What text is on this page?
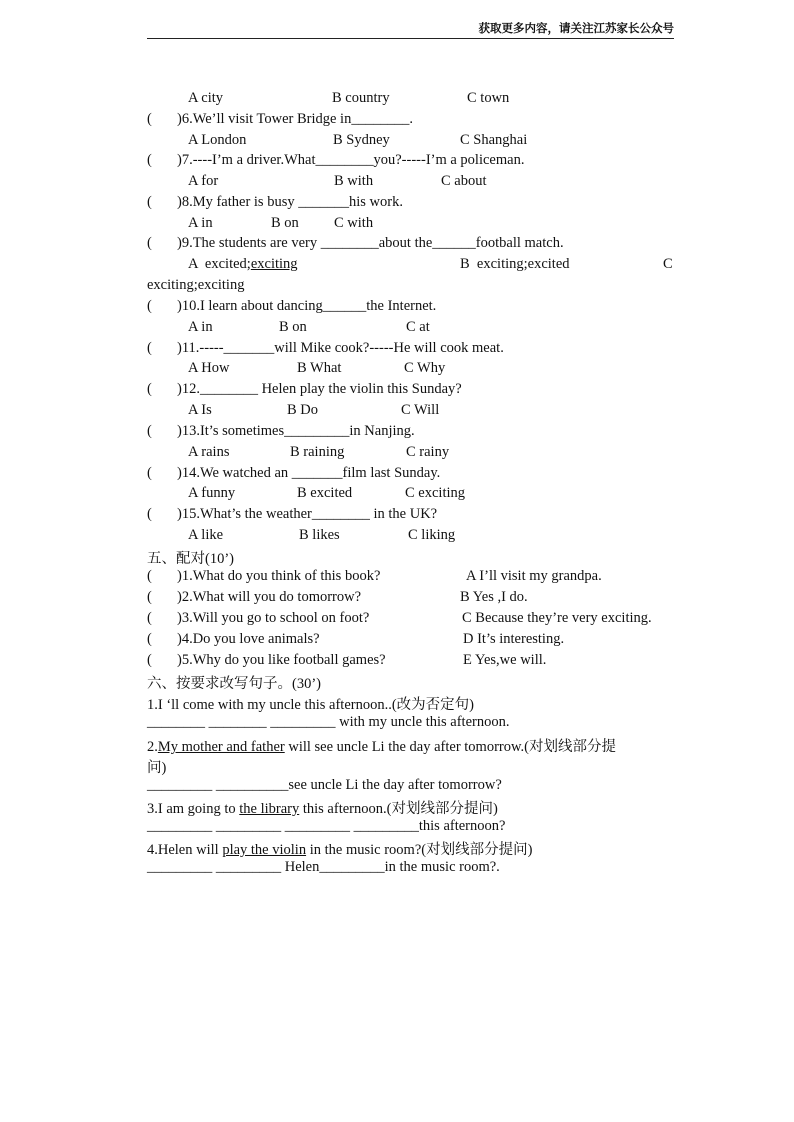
获取更多内容，请关注江苏家长公众号
A city	B country	C town
( )6.We’ll visit Tower Bridge in________.
A London	B Sydney	C Shanghai
( )7.----I’m a driver.What________you?-----I’m a policeman.
A for	B with	C about
( )8.My father is busy _______his work.
A in	B on C with
( )9.The students are very ________about the______football match.
A  excited;exciting	B  exciting;excited	C
exciting;exciting
( )10.I learn about dancing______the Internet.
A in	B on	C at
( )11.-----_______will Mike cook?-----He will cook meat.
A How	B What	C Why
( )12.________ Helen play the violin this Sunday?
A Is	B Do	C Will
( )13.It’s sometimes_________in Nanjing.
A rains	B raining	C rainy
( )14.We watched an _______film last Sunday.
A funny	B excited	C exciting
( )15.What’s the weather________ in the UK?
A like	B likes	C liking
五、配对(10’)
( )1.What do you think of this book?	A I’ll visit my grandpa.
( )2.What will you do tomorrow?	B Yes ,I do.
( )3.Will you go to school on foot?	C Because they’re very exciting.
( )4.Do you love animals?	D It’s interesting.
( )5.Why do you like football games?	E Yes,we will.
六、按要求改写句子。(30’)
1.I ‘ll come with my uncle this afternoon..(改为否定句)
________ ________ _________ with my uncle this afternoon.
2.My mother and father will see uncle Li the day after tomorrow.(对划线部分提
问)
_________ __________see uncle Li the day after tomorrow?
3.I am going to the library this afternoon.(对划线部分提问)
_________ _________ _________ _________this afternoon?
4.Helen will play the violin in the music room?(对划线部分提问)
_________ _________ Helen_________in the music room?.
